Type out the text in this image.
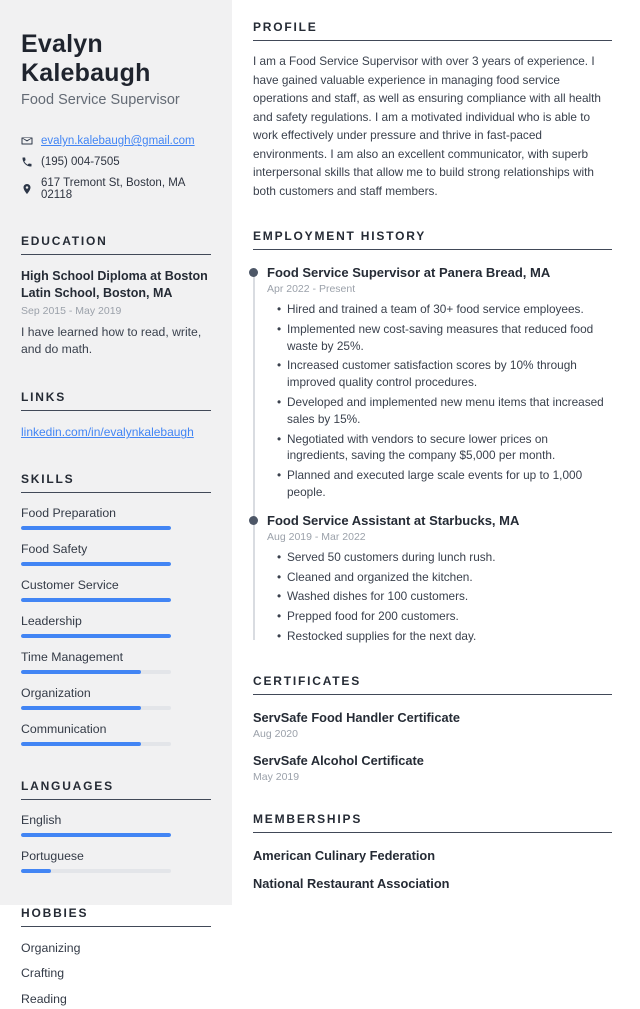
Evalyn
Kalebaugh
Food Service Supervisor
evalyn.kalebaugh@gmail.com
(195) 004-7505
617 Tremont St, Boston, MA 02118
EDUCATION
High School Diploma at Boston Latin School, Boston, MA
Sep 2015 - May 2019
I have learned how to read, write, and do math.
LINKS
linkedin.com/in/evalynkalebaugh
SKILLS
Food Preparation
Food Safety
Customer Service
Leadership
Time Management
Organization
Communication
LANGUAGES
English
Portuguese
HOBBIES
Organizing
Crafting
Reading
PROFILE

I am a Food Service Supervisor with over 3 years of experience. I have gained valuable experience in managing food service operations and staff, as well as ensuring compliance with all health and safety regulations. I am a motivated individual who is able to work effectively under pressure and thrive in fast-paced environments. I am also an excellent communicator, with superb interpersonal skills that allow me to build strong relationships with both customers and staff members.

EMPLOYMENT HISTORY
Food Service Supervisor at Panera Bread, MA
Apr 2022 - Present
• Hired and trained a team of 30+ food service employees.
• Implemented new cost-saving measures that reduced food waste by 25%.
• Increased customer satisfaction scores by 10% through improved quality control procedures.
• Developed and implemented new menu items that increased sales by 15%.
• Negotiated with vendors to secure lower prices on ingredients, saving the company $5,000 per month.
• Planned and executed large scale events for up to 1,000 people.
Food Service Assistant at Starbucks, MA
Aug 2019 - Mar 2022
• Served 50 customers during lunch rush.
• Cleaned and organized the kitchen.
• Washed dishes for 100 customers.
• Prepped food for 200 customers.
• Restocked supplies for the next day.
CERTIFICATES
ServSafe Food Handler Certificate
Aug 2020
ServSafe Alcohol Certificate
May 2019
MEMBERSHIPS
American Culinary Federation
National Restaurant Association
